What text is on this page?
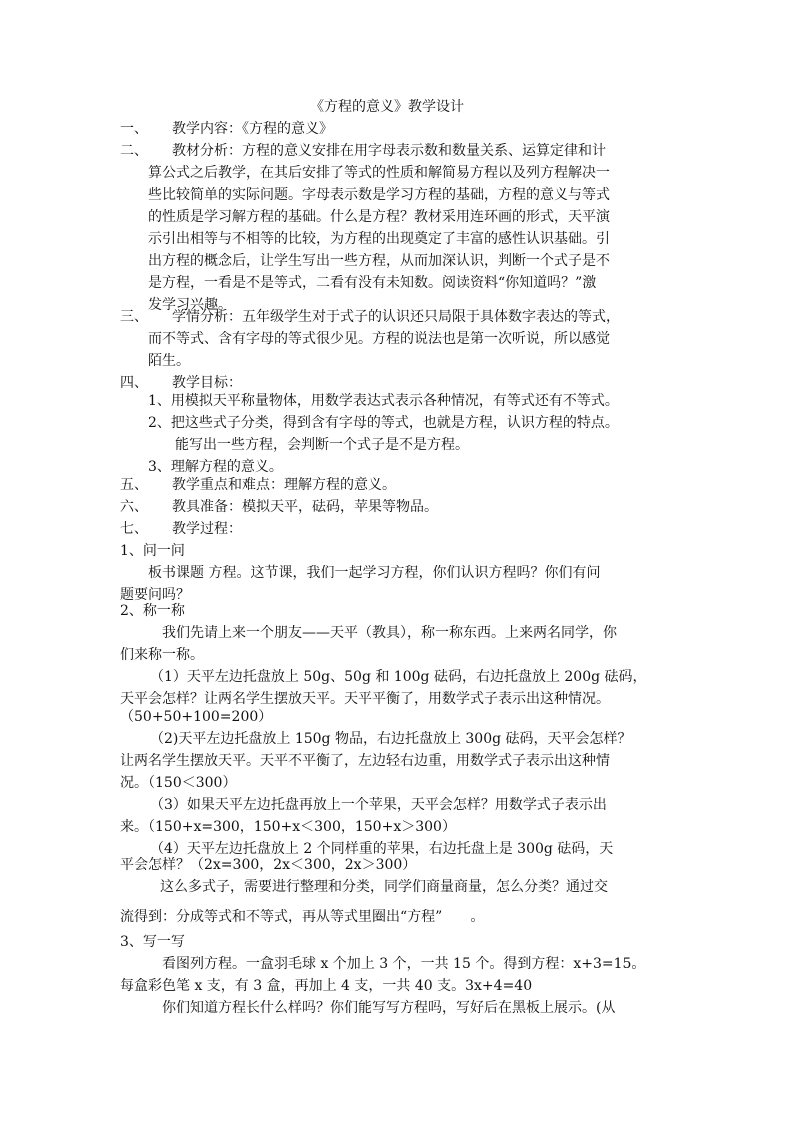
《方程的意义》教学设计
一、 教学内容：《方程的意义》
二、 教材分析：方程的意义安排在用字母表示数和数量关系、运算定律和计
算公式之后教学，在其后安排了等式的性质和解简易方程以及列方程解决一
些比较简单的实际问题。字母表示数是学习方程的基础，方程的意义与等式
的性质是学习解方程的基础。什么是方程？教材采用连环画的形式，天平演
示引出相等与不相等的比较，为方程的出现奠定了丰富的感性认识基础。引
出方程的概念后，让学生写出一些方程，从而加深认识，判断一个式子是不
是方程，一看是不是等式，二看有没有未知数。阅读资料“你知道吗？”激
发学习兴趣。
三、 学情分析：五年级学生对于式子的认识还只局限于具体数字表达的等式，
而不等式、含有字母的等式很少见。方程的说法也是第一次听说，所以感觉
陌生。
四、 教学目标：
1、用模拟天平称量物体，用数学表达式表示各种情况，有等式还有不等式。
2、把这些式子分类，得到含有字母的等式，也就是方程，认识方程的特点。
能写出一些方程，会判断一个式子是不是方程。
3、理解方程的意义。
五、 教学重点和难点：理解方程的意义。
六、 教具准备：模拟天平，砝码，苹果等物品。
七、 教学过程：
1、问一问
板书课题 方程。这节课，我们一起学习方程，你们认识方程吗？你们有问
题要问吗？
2、称一称
我们先请上来一个朋友——天平（教具），称一称东西。上来两名同学，你
们来称一称。
（1）天平左边托盘放上 50g、50g 和 100g 砝码，右边托盘放上 200g 砝码，
天平会怎样？让两名学生摆放天平。天平平衡了，用数学式子表示出这种情况。
（50+50+100=200）
（2)天平左边托盘放上 150g 物品，右边托盘放上 300g 砝码，天平会怎样？
让两名学生摆放天平。天平不平衡了，左边轻右边重，用数学式子表示出这种情
况。（150＜300）
（3）如果天平左边托盘再放上一个苹果，天平会怎样？用数学式子表示出
来。（150+x=300，150+x＜300，150+x＞300）
（4）天平左边托盘放上 2 个同样重的苹果，右边托盘上是 300g 砝码，天
平会怎样？（2x=300，2x＜300，2x＞300）
这么多式子，需要进行整理和分类，同学们商量商量，怎么分类？通过交
流得到：分成等式和不等式，再从等式里圈出“方程”　　。
3、写一写
看图列方程。一盒羽毛球 x 个加上 3 个，一共 15 个。得到方程：x+3=15。
每盒彩色笔 x 支，有 3 盒，再加上 4 支，一共 40 支。3x+4=40
你们知道方程长什么样吗？你们能写写方程吗，写好后在黑板上展示。(从
